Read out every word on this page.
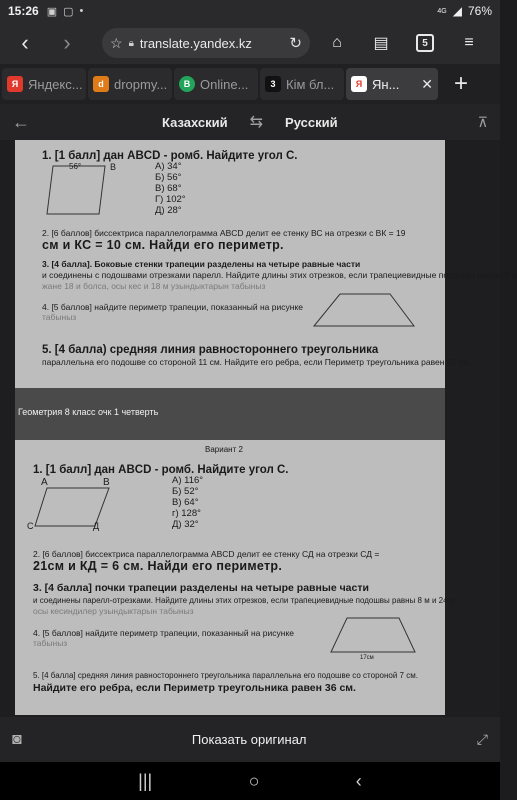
15:26 ▣ ▢ •	4G ◢ 76%
‹	›	☆ 🔒︎ translate.yandex.kz	↻	⌂	▤	5	≡
Я Яндекс...	d dropmy...	B Online...	3 Кім бл...	Я Ян... ✕ +
←	Казахский ⇆ Русский	⊼
1. [1 балл] дан ABCD - ромб. Найдите угол С.
56°	B	А) 34°
Б) 56°
В) 68°
Г) 102°
Д) 28°
2. [6 баллов] биссектриса параллелограмма ABCD делит ее стенку ВС на отрезки с ВК = 19
см и КС = 10 см. Найди его периметр.
3. [4 балла]. Боковые стенки трапеции разделены на четыре равные части
и соединены с подошвами отрезками парелл. Найдите длины этих отрезков, если трапециевидные подошвы равны 6 м
жане 18 и болса, осы кес и 18 м узындыктарын табыныз
4. [5 баллов] найдите периметр трапеции, показанный на рисунке
табыныз
5. [4 балла) средняя линия равностороннего треугольника
параллельна его подошве со стороной 11 см. Найдите его ребра, если Периметр треугольника равен 52 см.
Геометрия 8 класс очк 1 четверть
Вариант 2
1. [1 балл] дан ABCD - ромб. Найдите угол С.
A	B
C	Д
А) 116°
Б) 52°
В) 64°
г) 128°
Д) 32°
2. [6 баллов] биссектриса параллелограмма ABCD делит ее стенку СД на отрезки СД =
21см и КД = 6 см. Найди его периметр.
3. [4 балла] почки трапеции разделены на четыре равные части
и соединены парелл-отрезками. Найдите длины этих отрезков, если трапециевидные подошвы равны 8 м и 24 м.
осы кесиндилер узындыктарын табыныз
4. [5 баллов] найдите периметр трапеции, показанный на рисунке
табыныз
17см
5. [4 балла] средняя линия равностороннего треугольника параллельна его подошве со стороной 7 см.
Найдите его ребра, если Периметр треугольника равен 36 см.
◙	Показать оригинал	⤢
|||	○	‹
